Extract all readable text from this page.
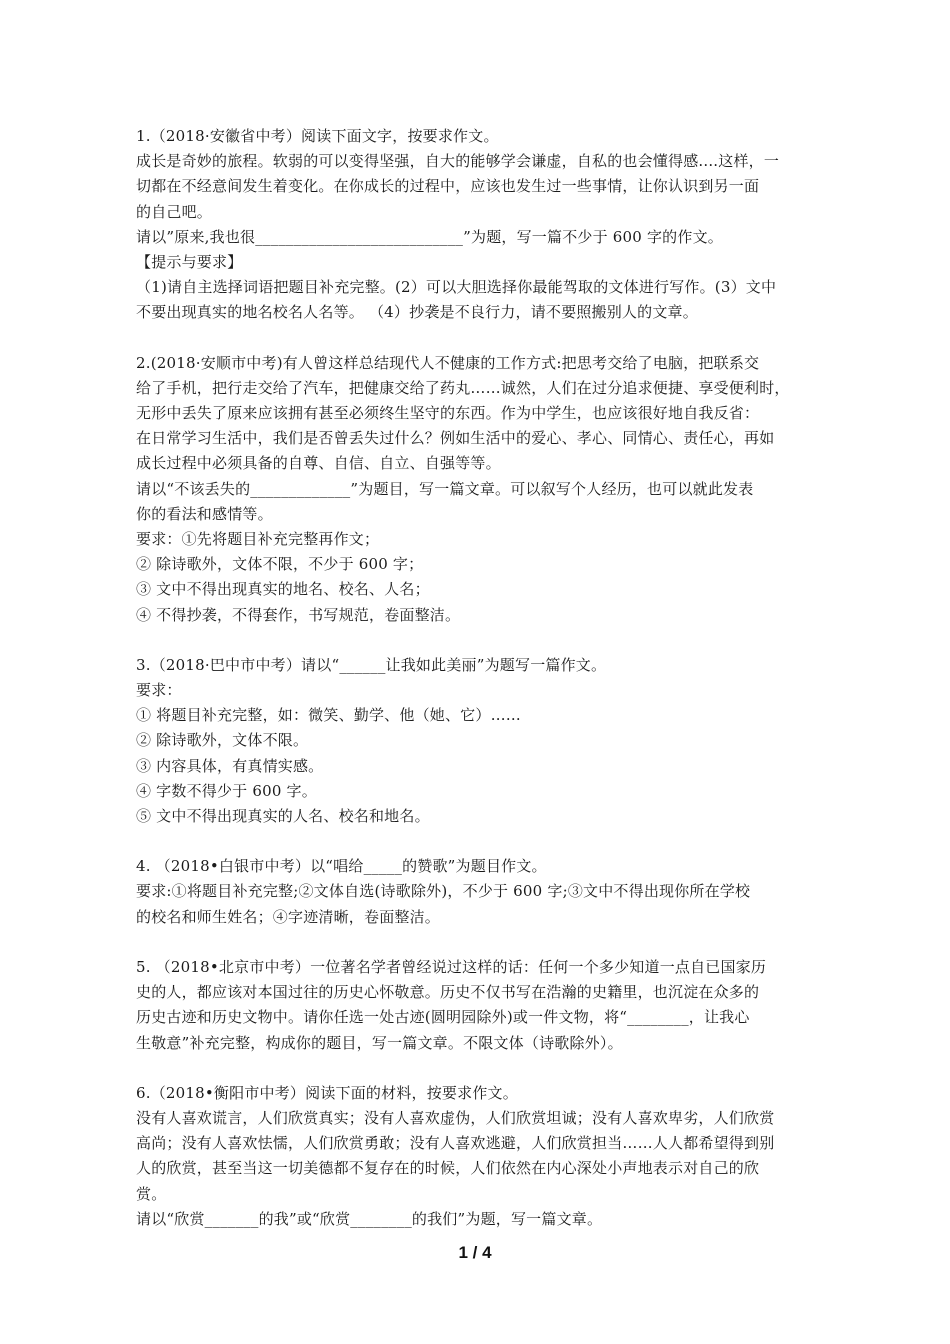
1.（2018·安徽省中考）阅读下面文字，按要求作文。
成长是奇妙的旅程。软弱的可以变得坚强，自大的能够学会谦虚，自私的也会懂得感....这样，一
切都在不经意间发生着变化。在你成长的过程中，应该也发生过一些事情，让你认识到另一面
的自己吧。
请以”原来,我也很___________________________”为题，写一篇不少于 600 字的作文。
【提示与要求】
（1)请自主选择词语把题目补充完整。(2）可以大胆选择你最能驾取的文体进行写作。(3）文中
不要出现真实的地名校名人名等。 （4）抄袭是不良行力，请不要照搬别人的文章。
2.(2018·安顺市中考)有人曾这样总结现代人不健康的工作方式:把思考交给了电脑，把联系交
给了手机，把行走交给了汽车，把健康交给了药丸……诚然，人们在过分追求便捷、享受便利时，
无形中丢失了原来应该拥有甚至必须终生坚守的东西。作为中学生，也应该很好地自我反省：
在日常学习生活中，我们是否曾丢失过什么？例如生活中的爱心、孝心、同情心、责任心，再如
成长过程中必须具备的自尊、自信、自立、自强等等。
请以“不该丢失的_____________”为题目，写一篇文章。可以叙写个人经历，也可以就此发表
你的看法和感情等。
要求：①先将题目补充完整再作文；
② 除诗歌外，文体不限，不少于 600 字；
③ 文中不得出现真实的地名、校名、人名；
④ 不得抄袭，不得套作，书写规范，卷面整洁。
3.（2018·巴中市中考）请以“______让我如此美丽”为题写一篇作文。
要求：
① 将题目补充完整，如：微笑、勤学、他（她、它）……
② 除诗歌外，文体不限。
③ 内容具体，有真情实感。
④ 字数不得少于 600 字。
⑤ 文中不得出现真实的人名、校名和地名。
4. （2018•白银市中考）以“唱给_____的赞歌”为题目作文。
要求:①将题目补充完整;②文体自选(诗歌除外)，不少于 600 字;③文中不得出现你所在学校
的校名和师生姓名；④字迹清晰，卷面整洁。
5. （2018•北京市中考）一位著名学者曾经说过这样的话：任何一个多少知道一点自已国家历
史的人，都应该对本国过往的历史心怀敬意。历史不仅书写在浩瀚的史籍里，也沉淀在众多的
历史古迹和历史文物中。请你任选一处古迹(圆明园除外)或一件文物，将“________，让我心
生敬意”补充完整，构成你的题目，写一篇文章。不限文体（诗歌除外）。
6.（2018•衡阳市中考）阅读下面的材料，按要求作文。
没有人喜欢谎言，人们欣赏真实；没有人喜欢虚伪，人们欣赏坦诚；没有人喜欢卑劣，人们欣赏
高尚；没有人喜欢怯懦，人们欣赏勇敢；没有人喜欢逃避，人们欣赏担当……人人都希望得到别
人的欣赏，甚至当这一切美德都不复存在的时候，人们依然在内心深处小声地表示对自己的欣
赏。
请以“欣赏_______的我”或“欣赏________的我们”为题，写一篇文章。
1 / 4
